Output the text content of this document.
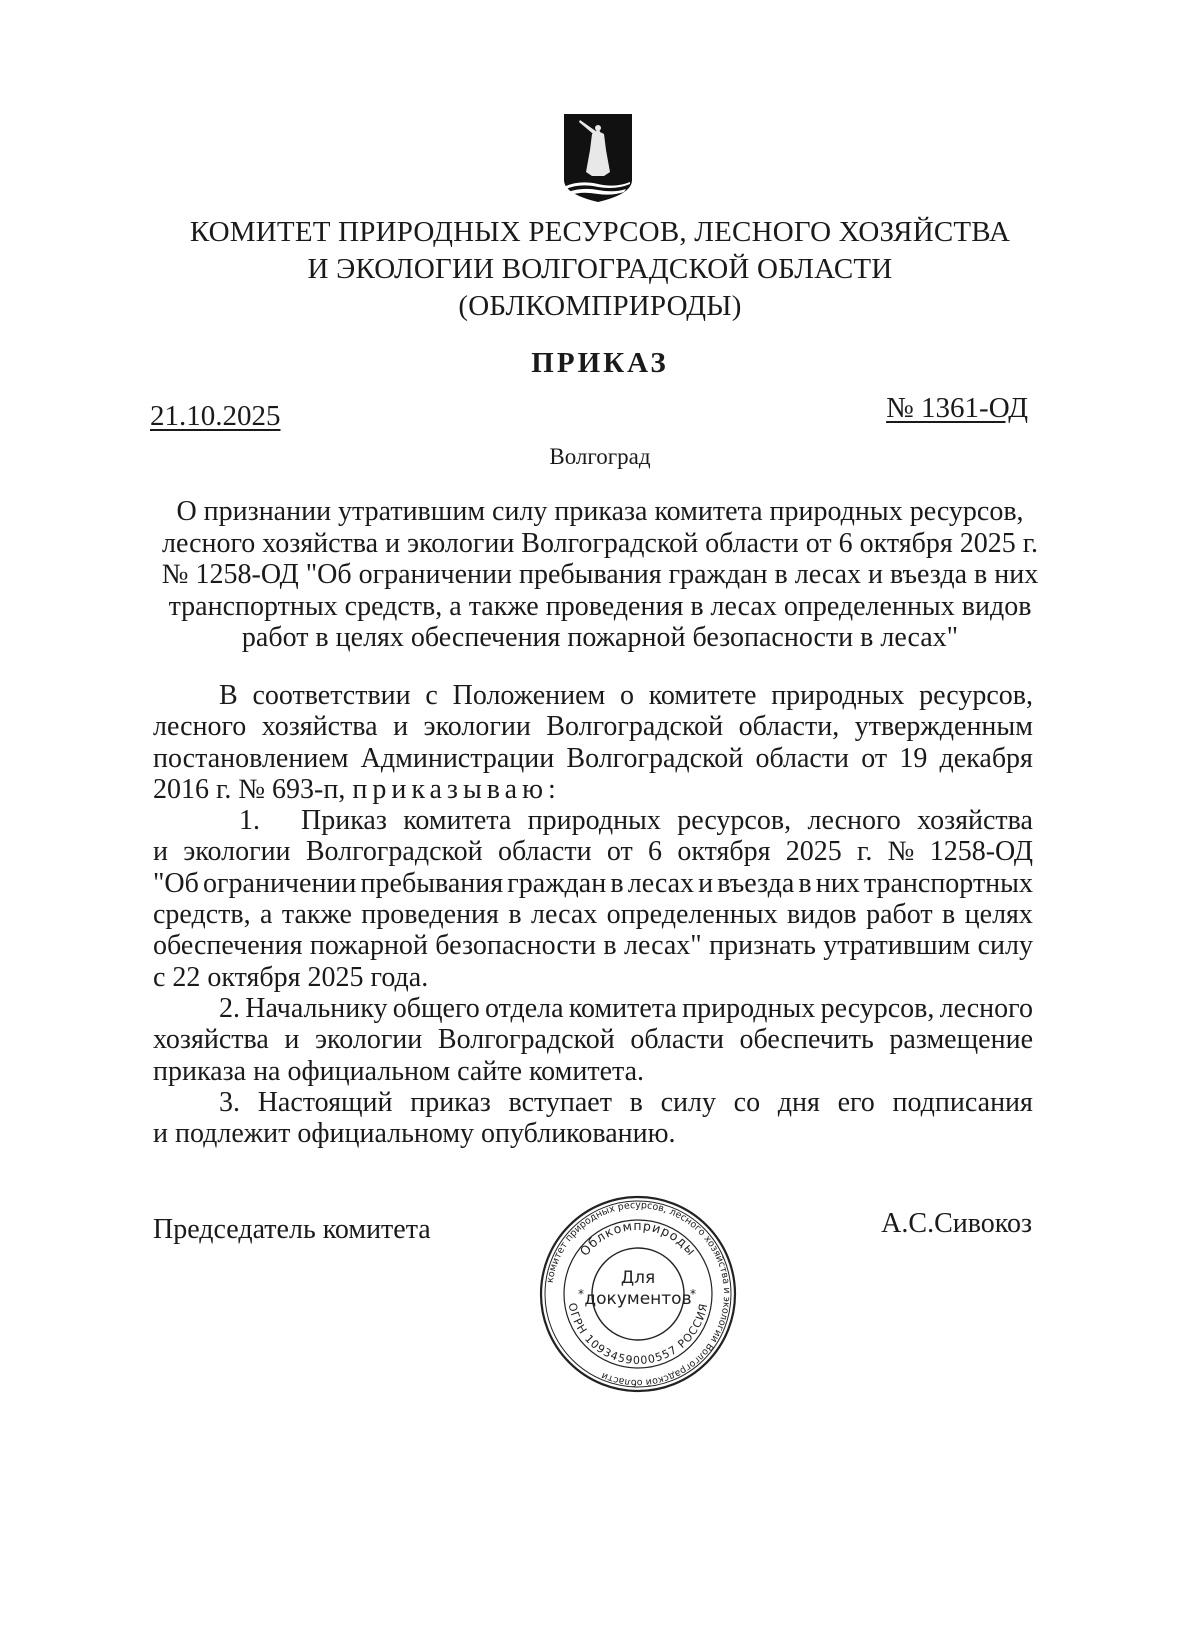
КОМИТЕТ ПРИРОДНЫХ РЕСУРСОВ, ЛЕСНОГО ХОЗЯЙСТВА
И ЭКОЛОГИИ ВОЛГОГРАДСКОЙ ОБЛАСТИ
(ОБЛКОМПРИРОДЫ)
ПРИКАЗ
21.10.2025	№ 1361-ОД
Волгоград
О признании утратившим силу приказа комитета природных ресурсов,
лесного хозяйства и экологии Волгоградской области от 6 октября 2025 г.
№ 1258-ОД "Об ограничении пребывания граждан в лесах и въезда в них
транспортных средств, а также проведения в лесах определенных видов
работ в целях обеспечения пожарной безопасности в лесах"
В соответствии с Положением о комитете природных ресурсов,
лесного хозяйства и экологии Волгоградской области, утвержденным
постановлением Администрации Волгоградской области от 19 декабря
2016 г. № 693-п, приказываю:
1.	Приказ комитета природных ресурсов, лесного хозяйства
и экологии Волгоградской области от 6 октября 2025 г. № 1258-ОД
"Об ограничении пребывания граждан в лесах и въезда в них транспортных
средств, а также проведения в лесах определенных видов работ в целях
обеспечения пожарной безопасности в лесах" признать утратившим силу
с 22 октября 2025 года.
2. Начальнику общего отдела комитета природных ресурсов, лесного
хозяйства и экологии Волгоградской области обеспечить размещение
приказа на официальном сайте комитета.
3. Настоящий приказ вступает в силу со дня его подписания
и подлежит официальному опубликованию.
Председатель комитета	А.С.Сивокоз
комитет природных ресурсов, лесного хозяйства и экологии Волгоградской области
Облкомприроды
ОГРН 1093459000557 РОССИЯ
*	*
Для
документов
